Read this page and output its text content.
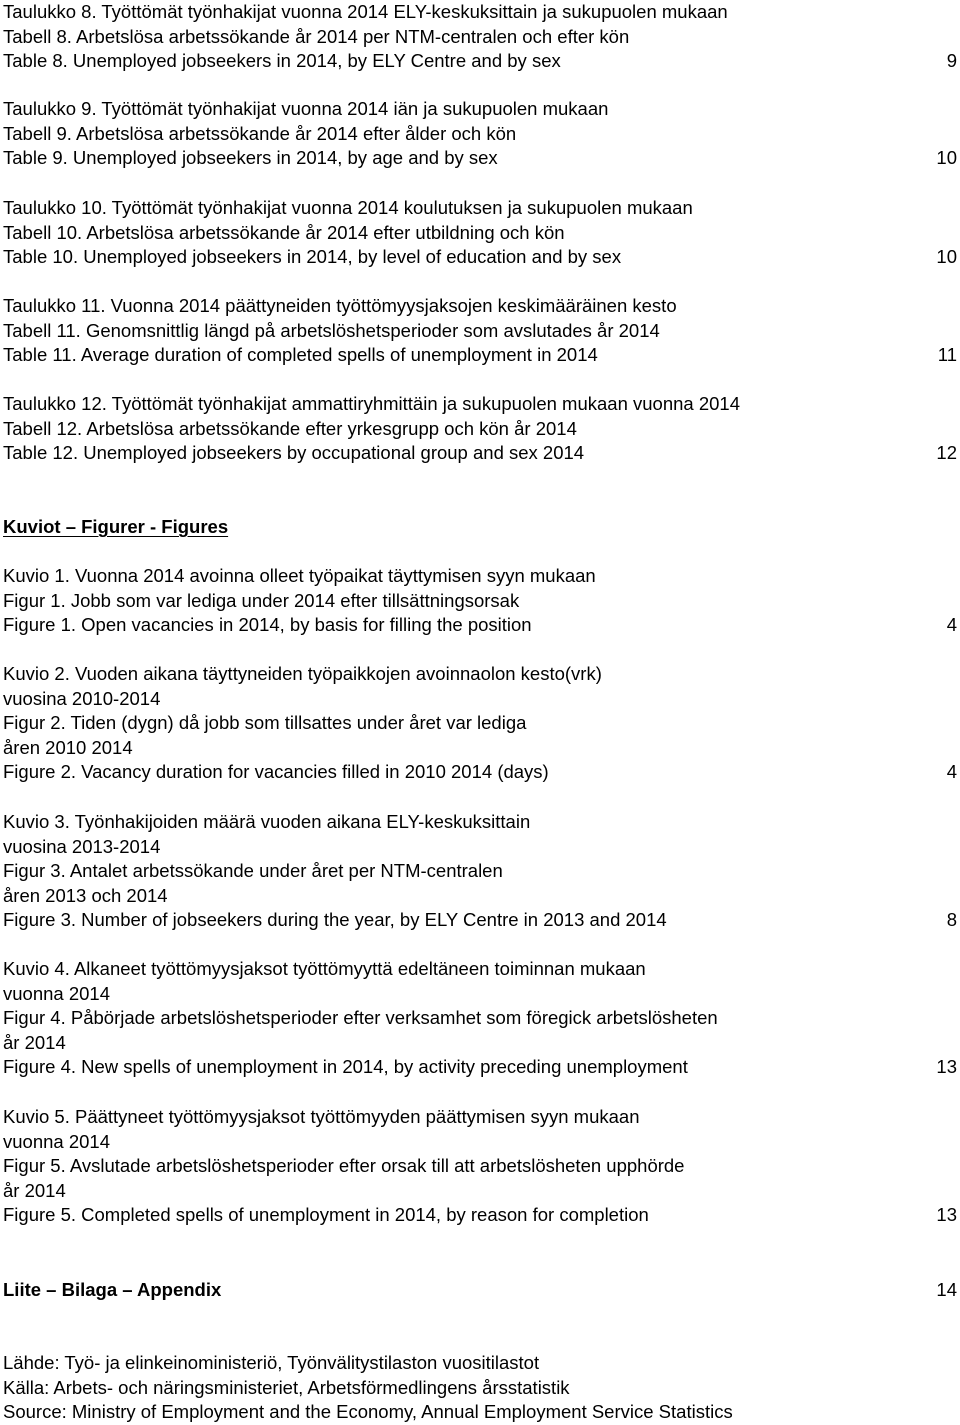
Taulukko 8. Työttömät työnhakijat vuonna 2014 ELY-keskuksittain ja sukupuolen mukaan
Tabell 8. Arbetslösa arbetssökande år 2014 per NTM-centralen och efter kön
Table 8. Unemployed jobseekers in 2014, by ELY Centre and by sex	9
Taulukko 9. Työttömät työnhakijat vuonna 2014 iän ja sukupuolen mukaan
Tabell 9. Arbetslösa arbetssökande år 2014 efter ålder och kön
Table 9. Unemployed jobseekers in 2014, by age and by sex	10
Taulukko 10. Työttömät työnhakijat vuonna 2014 koulutuksen ja sukupuolen mukaan
Tabell 10. Arbetslösa arbetssökande år 2014 efter utbildning och kön
Table 10. Unemployed jobseekers in 2014, by level of education and by sex	10
Taulukko 11. Vuonna 2014 päättyneiden työttömyysjaksojen keskimääräinen kesto
Tabell 11. Genomsnittlig längd på arbetslöshetsperioder som avslutades år 2014
Table 11. Average duration of completed spells of unemployment in 2014	11
Taulukko 12. Työttömät työnhakijat ammattiryhmittäin ja sukupuolen mukaan vuonna 2014
Tabell 12. Arbetslösa arbetssökande efter yrkesgrupp och kön år 2014
Table 12. Unemployed jobseekers by occupational group and sex 2014	12
Kuviot – Figurer - Figures
Kuvio 1. Vuonna 2014 avoinna olleet työpaikat täyttymisen syyn mukaan
Figur 1. Jobb som var lediga under 2014 efter tillsättningsorsak
Figure 1. Open vacancies in 2014, by basis for filling the position	4
Kuvio 2. Vuoden aikana täyttyneiden työpaikkojen avoinnaolon kesto(vrk)
vuosina 2010-2014
Figur 2. Tiden (dygn) då jobb som tillsattes under året var lediga
åren 2010 2014
Figure 2. Vacancy duration for vacancies filled in 2010 2014 (days)	4
Kuvio 3. Työnhakijoiden määrä vuoden aikana ELY-keskuksittain
vuosina 2013-2014
Figur 3. Antalet arbetssökande under året per NTM-centralen
åren 2013 och 2014
Figure 3. Number of jobseekers during the year, by ELY Centre in 2013 and 2014	8
Kuvio 4. Alkaneet työttömyysjaksot työttömyyttä edeltäneen toiminnan mukaan
vuonna 2014
Figur 4. Påbörjade arbetslöshetsperioder efter verksamhet som föregick arbetslösheten
år 2014
Figure 4. New spells of unemployment in 2014, by activity preceding unemployment	13
Kuvio 5. Päättyneet työttömyysjaksot työttömyyden päättymisen syyn mukaan
vuonna 2014
Figur 5. Avslutade arbetslöshetsperioder efter orsak till att arbetslösheten upphörde
år 2014
Figure 5. Completed spells of unemployment in 2014, by reason for completion	13
Liite – Bilaga – Appendix	14
Lähde: Työ- ja elinkeinoministeriö, Työnvälitystilaston vuositilastot
Källa: Arbets- och näringsministeriet, Arbetsförmedlingens årsstatistik
Source: Ministry of Employment and the Economy, Annual Employment Service Statistics
